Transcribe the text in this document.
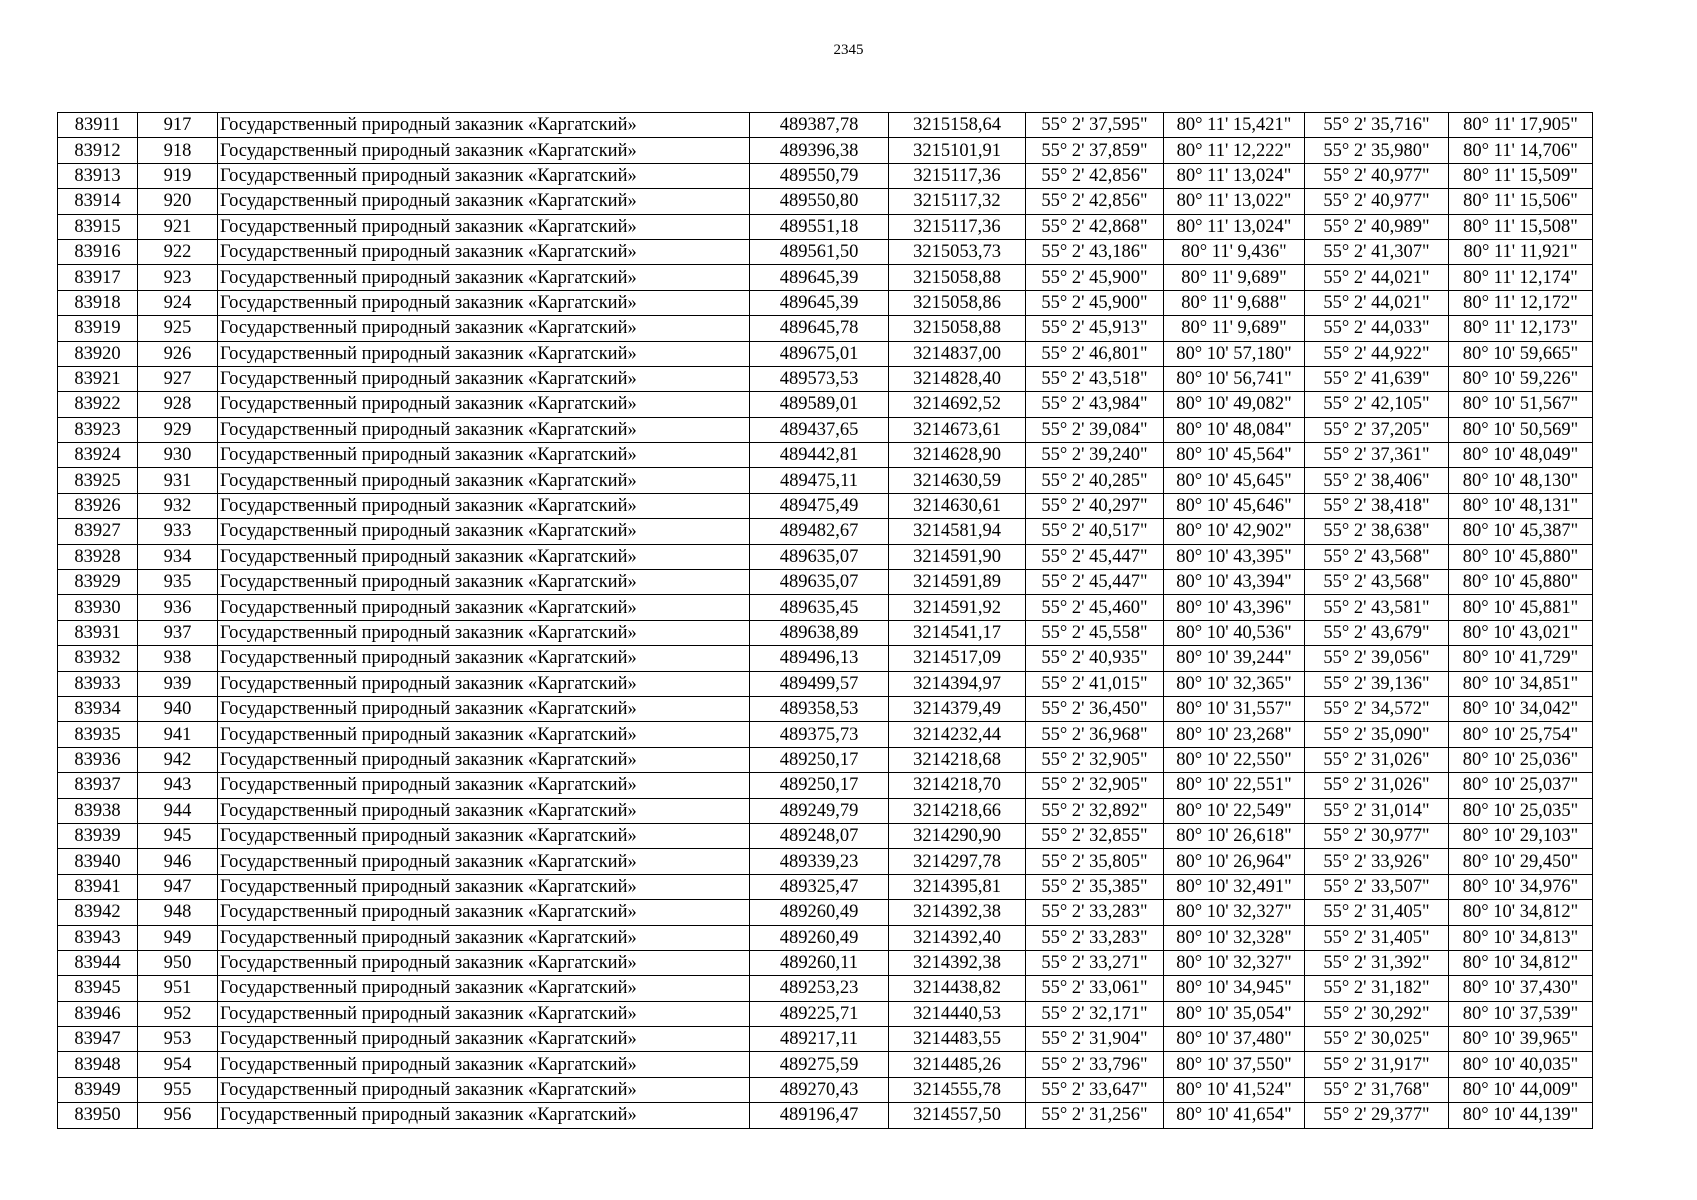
2345
83911	917	Государственный природный заказник «Каргатский»	489387,78	3215158,64	55° 2' 37,595"	80° 11' 15,421"	55° 2' 35,716"	80° 11' 17,905"
83912	918	Государственный природный заказник «Каргатский»	489396,38	3215101,91	55° 2' 37,859"	80° 11' 12,222"	55° 2' 35,980"	80° 11' 14,706"
83913	919	Государственный природный заказник «Каргатский»	489550,79	3215117,36	55° 2' 42,856"	80° 11' 13,024"	55° 2' 40,977"	80° 11' 15,509"
83914	920	Государственный природный заказник «Каргатский»	489550,80	3215117,32	55° 2' 42,856"	80° 11' 13,022"	55° 2' 40,977"	80° 11' 15,506"
83915	921	Государственный природный заказник «Каргатский»	489551,18	3215117,36	55° 2' 42,868"	80° 11' 13,024"	55° 2' 40,989"	80° 11' 15,508"
83916	922	Государственный природный заказник «Каргатский»	489561,50	3215053,73	55° 2' 43,186"	80° 11' 9,436"	55° 2' 41,307"	80° 11' 11,921"
83917	923	Государственный природный заказник «Каргатский»	489645,39	3215058,88	55° 2' 45,900"	80° 11' 9,689"	55° 2' 44,021"	80° 11' 12,174"
83918	924	Государственный природный заказник «Каргатский»	489645,39	3215058,86	55° 2' 45,900"	80° 11' 9,688"	55° 2' 44,021"	80° 11' 12,172"
83919	925	Государственный природный заказник «Каргатский»	489645,78	3215058,88	55° 2' 45,913"	80° 11' 9,689"	55° 2' 44,033"	80° 11' 12,173"
83920	926	Государственный природный заказник «Каргатский»	489675,01	3214837,00	55° 2' 46,801"	80° 10' 57,180"	55° 2' 44,922"	80° 10' 59,665"
83921	927	Государственный природный заказник «Каргатский»	489573,53	3214828,40	55° 2' 43,518"	80° 10' 56,741"	55° 2' 41,639"	80° 10' 59,226"
83922	928	Государственный природный заказник «Каргатский»	489589,01	3214692,52	55° 2' 43,984"	80° 10' 49,082"	55° 2' 42,105"	80° 10' 51,567"
83923	929	Государственный природный заказник «Каргатский»	489437,65	3214673,61	55° 2' 39,084"	80° 10' 48,084"	55° 2' 37,205"	80° 10' 50,569"
83924	930	Государственный природный заказник «Каргатский»	489442,81	3214628,90	55° 2' 39,240"	80° 10' 45,564"	55° 2' 37,361"	80° 10' 48,049"
83925	931	Государственный природный заказник «Каргатский»	489475,11	3214630,59	55° 2' 40,285"	80° 10' 45,645"	55° 2' 38,406"	80° 10' 48,130"
83926	932	Государственный природный заказник «Каргатский»	489475,49	3214630,61	55° 2' 40,297"	80° 10' 45,646"	55° 2' 38,418"	80° 10' 48,131"
83927	933	Государственный природный заказник «Каргатский»	489482,67	3214581,94	55° 2' 40,517"	80° 10' 42,902"	55° 2' 38,638"	80° 10' 45,387"
83928	934	Государственный природный заказник «Каргатский»	489635,07	3214591,90	55° 2' 45,447"	80° 10' 43,395"	55° 2' 43,568"	80° 10' 45,880"
83929	935	Государственный природный заказник «Каргатский»	489635,07	3214591,89	55° 2' 45,447"	80° 10' 43,394"	55° 2' 43,568"	80° 10' 45,880"
83930	936	Государственный природный заказник «Каргатский»	489635,45	3214591,92	55° 2' 45,460"	80° 10' 43,396"	55° 2' 43,581"	80° 10' 45,881"
83931	937	Государственный природный заказник «Каргатский»	489638,89	3214541,17	55° 2' 45,558"	80° 10' 40,536"	55° 2' 43,679"	80° 10' 43,021"
83932	938	Государственный природный заказник «Каргатский»	489496,13	3214517,09	55° 2' 40,935"	80° 10' 39,244"	55° 2' 39,056"	80° 10' 41,729"
83933	939	Государственный природный заказник «Каргатский»	489499,57	3214394,97	55° 2' 41,015"	80° 10' 32,365"	55° 2' 39,136"	80° 10' 34,851"
83934	940	Государственный природный заказник «Каргатский»	489358,53	3214379,49	55° 2' 36,450"	80° 10' 31,557"	55° 2' 34,572"	80° 10' 34,042"
83935	941	Государственный природный заказник «Каргатский»	489375,73	3214232,44	55° 2' 36,968"	80° 10' 23,268"	55° 2' 35,090"	80° 10' 25,754"
83936	942	Государственный природный заказник «Каргатский»	489250,17	3214218,68	55° 2' 32,905"	80° 10' 22,550"	55° 2' 31,026"	80° 10' 25,036"
83937	943	Государственный природный заказник «Каргатский»	489250,17	3214218,70	55° 2' 32,905"	80° 10' 22,551"	55° 2' 31,026"	80° 10' 25,037"
83938	944	Государственный природный заказник «Каргатский»	489249,79	3214218,66	55° 2' 32,892"	80° 10' 22,549"	55° 2' 31,014"	80° 10' 25,035"
83939	945	Государственный природный заказник «Каргатский»	489248,07	3214290,90	55° 2' 32,855"	80° 10' 26,618"	55° 2' 30,977"	80° 10' 29,103"
83940	946	Государственный природный заказник «Каргатский»	489339,23	3214297,78	55° 2' 35,805"	80° 10' 26,964"	55° 2' 33,926"	80° 10' 29,450"
83941	947	Государственный природный заказник «Каргатский»	489325,47	3214395,81	55° 2' 35,385"	80° 10' 32,491"	55° 2' 33,507"	80° 10' 34,976"
83942	948	Государственный природный заказник «Каргатский»	489260,49	3214392,38	55° 2' 33,283"	80° 10' 32,327"	55° 2' 31,405"	80° 10' 34,812"
83943	949	Государственный природный заказник «Каргатский»	489260,49	3214392,40	55° 2' 33,283"	80° 10' 32,328"	55° 2' 31,405"	80° 10' 34,813"
83944	950	Государственный природный заказник «Каргатский»	489260,11	3214392,38	55° 2' 33,271"	80° 10' 32,327"	55° 2' 31,392"	80° 10' 34,812"
83945	951	Государственный природный заказник «Каргатский»	489253,23	3214438,82	55° 2' 33,061"	80° 10' 34,945"	55° 2' 31,182"	80° 10' 37,430"
83946	952	Государственный природный заказник «Каргатский»	489225,71	3214440,53	55° 2' 32,171"	80° 10' 35,054"	55° 2' 30,292"	80° 10' 37,539"
83947	953	Государственный природный заказник «Каргатский»	489217,11	3214483,55	55° 2' 31,904"	80° 10' 37,480"	55° 2' 30,025"	80° 10' 39,965"
83948	954	Государственный природный заказник «Каргатский»	489275,59	3214485,26	55° 2' 33,796"	80° 10' 37,550"	55° 2' 31,917"	80° 10' 40,035"
83949	955	Государственный природный заказник «Каргатский»	489270,43	3214555,78	55° 2' 33,647"	80° 10' 41,524"	55° 2' 31,768"	80° 10' 44,009"
83950	956	Государственный природный заказник «Каргатский»	489196,47	3214557,50	55° 2' 31,256"	80° 10' 41,654"	55° 2' 29,377"	80° 10' 44,139"
